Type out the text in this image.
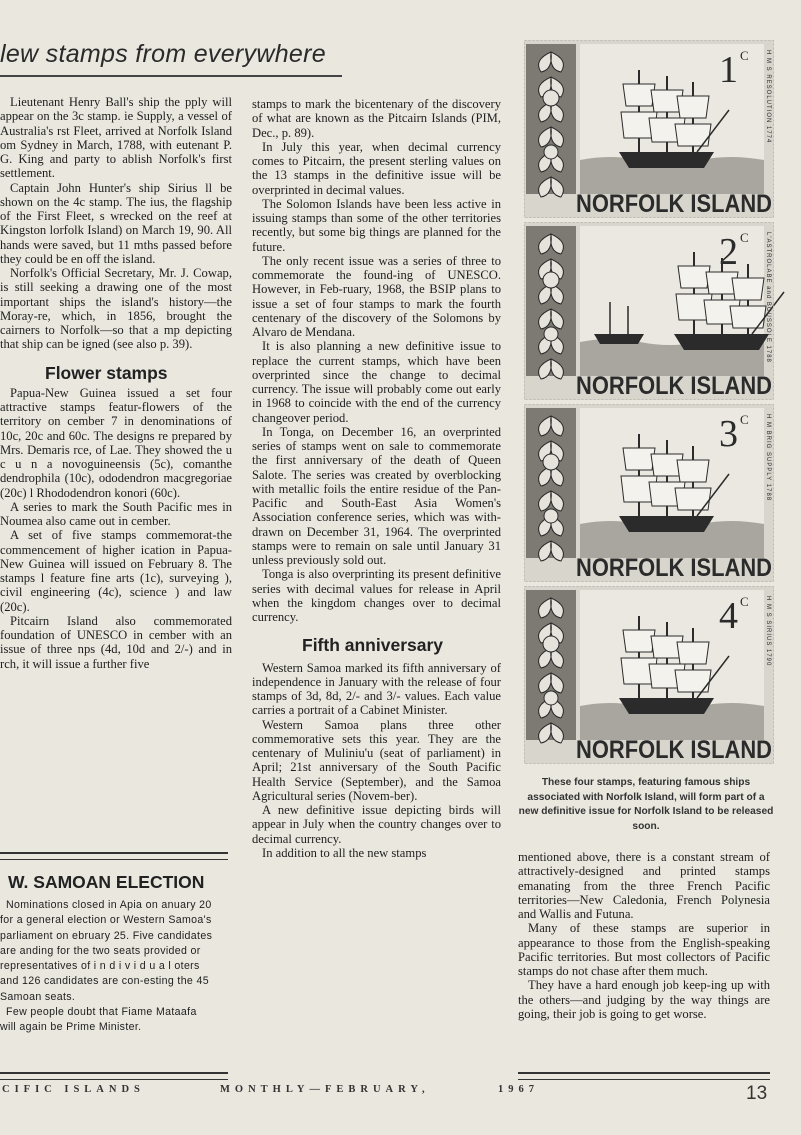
lew stamps from everywhere

Lieutenant Henry Ball's ship the pply will appear on the 3c stamp. ie Supply, a vessel of Australia's rst Fleet, arrived at Norfolk Island om Sydney in March, 1788, with eutenant P. G. King and party to ablish Norfolk's first settlement.

Captain John Hunter's ship Sirius ll be shown on the 4c stamp. The ius, the flagship of the First Fleet, s wrecked on the reef at Kingston lorfolk Island) on March 19, 90. All hands were saved, but 11 mths passed before they could be en off the island.

Norfolk's Official Secretary, Mr. J. Cowap, is still seeking a drawing one of the most important ships the island's history—the Moray-re, which, in 1856, brought the cairners to Norfolk—so that a mp depicting that ship can be igned (see also p. 39).

Flower stamps

Papua-New Guinea issued a set four attractive stamps featur-flowers of the territory on cember 7 in denominations of 10c, 20c and 60c. The designs re prepared by Mrs. Demaris rce, of Lae. They showed the u c u n a novoguineensis (5c), comanthe dendrophila (10c), ododendron macgregoriae (20c) l Rhododendron konori (60c).

A series to mark the South Pacific mes in Noumea also came out in cember.

A set of five stamps commemorat-the commencement of higher ication in Papua-New Guinea will issued on February 8. The stamps l feature fine arts (1c), surveying ), civil engineering (4c), science ) and law (20c).

Pitcairn Island also commemorated foundation of UNESCO in cember with an issue of three nps (4d, 10d and 2/-) and in rch, it will issue a further five

W. SAMOAN ELECTION

Nominations closed in Apia on anuary 20 for a general election or Western Samoa's parliament on ebruary 25. Five candidates are anding for the two seats provided or representatives of i n d i v i d u a l oters and 126 candidates are con-esting the 45 Samoan seats.

Few people doubt that Fiame Mataafa will again be Prime Minister.

stamps to mark the bicentenary of the discovery of what are known as the Pitcairn Islands (PIM, Dec., p. 89).

In July this year, when decimal currency comes to Pitcairn, the present sterling values on the 13 stamps in the definitive issue will be overprinted in decimal values.

The Solomon Islands have been less active in issuing stamps than some of the other territories recently, but some big things are planned for the future.

The only recent issue was a series of three to commemorate the found-ing of UNESCO. However, in Feb-ruary, 1968, the BSIP plans to issue a set of four stamps to mark the fourth centenary of the discovery of the Solomons by Alvaro de Mendana.

It is also planning a new definitive issue to replace the current stamps, which have been overprinted since the change to decimal currency. The issue will probably come out early in 1968 to coincide with the end of the currency changeover period.

In Tonga, on December 16, an overprinted series of stamps went on sale to commemorate the first anniversary of the death of Queen Salote. The series was created by overblocking with metallic foils the entire residue of the Pan-Pacific and South-East Asia Women's Association conference series, which was with-drawn on December 31, 1964. The overprinted stamps were to remain on sale until January 31 unless previously sold out.

Tonga is also overprinting its present definitive series with decimal values for release in April when the kingdom changes over to decimal currency.

Fifth anniversary

Western Samoa marked its fifth anniversary of independence in January with the release of four stamps of 3d, 8d, 2/- and 3/- values. Each value carries a portrait of a Cabinet Minister.

Western Samoa plans three other commemorative sets this year. They are the centenary of Muliniu'u (seat of parliament) in April; 21st anniversary of the South Pacific Health Service (September), and the Samoa Agricultural series (Novem-ber).

A new definitive issue depicting birds will appear in July when the country changes over to decimal currency.

In addition to all the new stamps

1 C	H M S RESOLUTION 1774
NORFOLK ISLAND
2 C	L'ASTROLABE and BOUSSOLE 1788
NORFOLK ISLAND
3 C	H M BRIG SUPPLY 1788
NORFOLK ISLAND
4 C	H M S SIRIUS 1790
NORFOLK ISLAND
These four stamps, featuring famous ships associated with Norfolk Island, will form part of a new definitive issue for Norfolk Island to be released soon.

mentioned above, there is a constant stream of attractively-designed and printed stamps emanating from the three French Pacific territories—New Caledonia, French Polynesia and Wallis and Futuna.

Many of these stamps are superior in appearance to those from the English-speaking Pacific territories. But most collectors of Pacific stamps do not chase after them much.

They have a hard enough job keep-ing up with the others—and judging by the way things are going, their job is going to get worse.

CIFIC ISLANDS	MONTHLY—FEBRUARY,	1967	13
